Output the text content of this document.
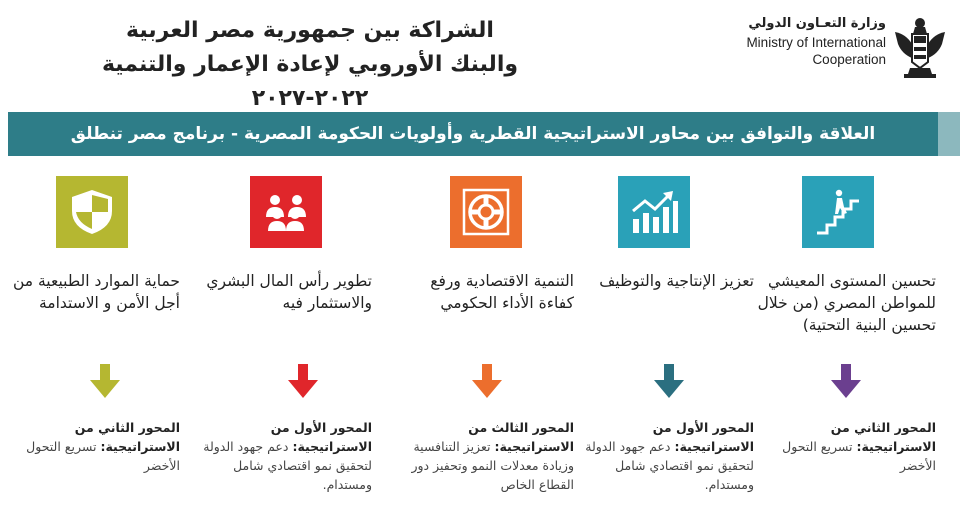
الشراكة بين جمهورية مصر العربية
والبنك الأوروبي لإعادة الإعمار والتنمية ٢٠٢٢-٢٠٢٧
وزارة التعـاون الدولي
Ministry of International
Cooperation
العلاقة والتوافق بين محاور الاستراتيجية القطرية وأولويات الحكومة المصرية - برنامج مصر تنطلق
تحسين المستوى المعيشي للمواطن المصري (من خلال تحسين البنية التحتية)
المحور الثاني من
الاستراتيجية: تسريع التحول الأخضر
تعزيز الإنتاجية والتوظيف
المحور الأول من
الاستراتيجية: دعم جهود الدولة لتحقيق نمو اقتصادي شامل ومستدام.
التنمية الاقتصادية ورفع كفاءة الأداء الحكومي
المحور الثالث من
الاستراتيجية: تعزيز التنافسية وزيادة معدلات النمو وتحفيز دور القطاع الخاص
تطوير رأس المال البشري والاستثمار فيه
المحور الأول من
الاستراتيجية: دعم جهود الدولة لتحقيق نمو اقتصادي شامل ومستدام.
حماية الموارد الطبيعية من أجل الأمن و الاستدامة
المحور الثاني من
الاستراتيجية: تسريع التحول الأخضر
